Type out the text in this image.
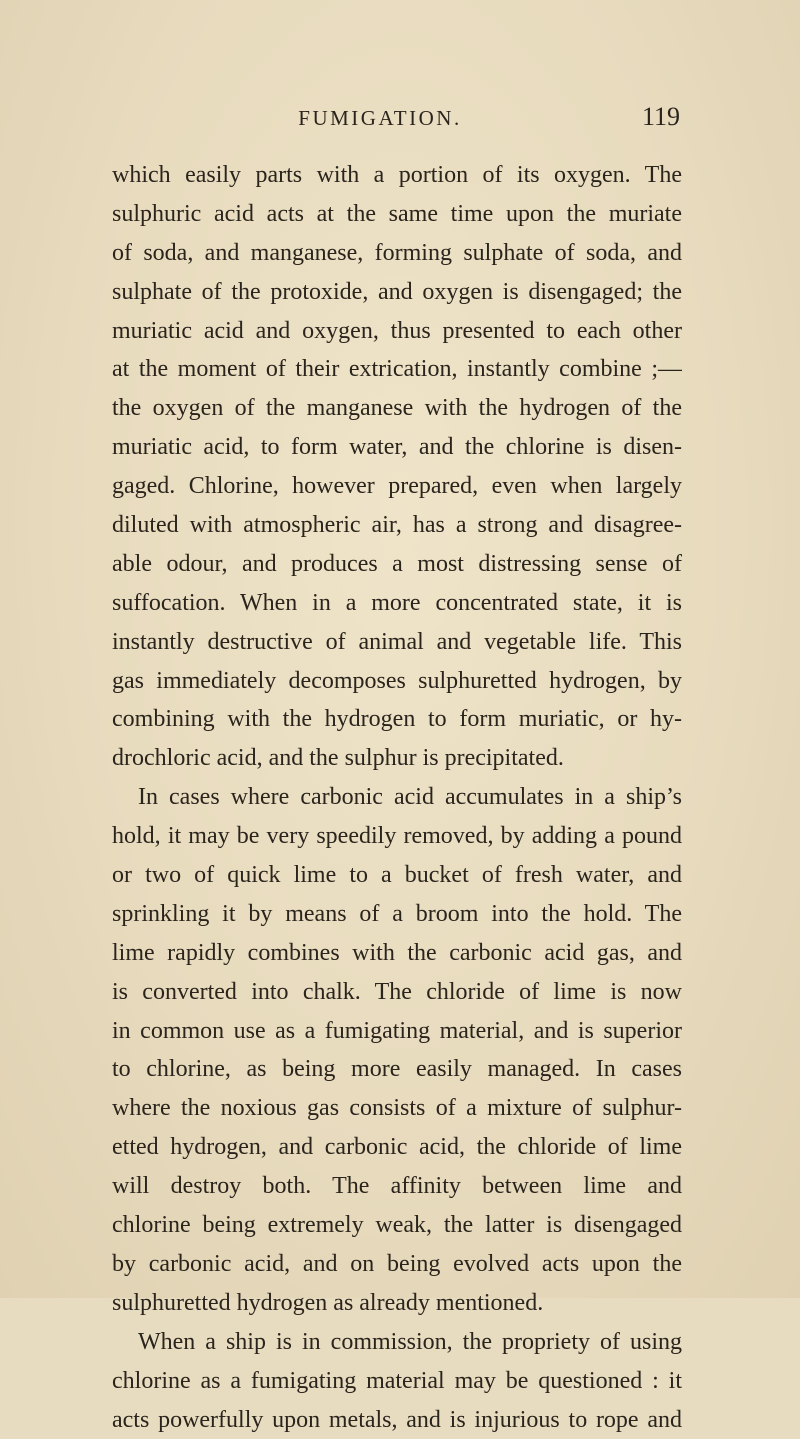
FUMIGATION.	119
which easily parts with a portion of its oxygen. The
sulphuric acid acts at the same time upon the muriate
of soda, and manganese, forming sulphate of soda, and
sulphate of the protoxide, and oxygen is disengaged; the
muriatic acid and oxygen, thus presented to each other
at the moment of their extrication, instantly combine ;—
the oxygen of the manganese with the hydrogen of the
muriatic acid, to form water, and the chlorine is disen-
gaged. Chlorine, however prepared, even when largely
diluted with atmospheric air, has a strong and disagree-
able odour, and produces a most distressing sense of
suffocation. When in a more concentrated state, it is
instantly destructive of animal and vegetable life. This
gas immediately decomposes sulphuretted hydrogen, by
combining with the hydrogen to form muriatic, or hy-
drochloric acid, and the sulphur is precipitated.
In cases where carbonic acid accumulates in a ship’s
hold, it may be very speedily removed, by adding a pound
or two of quick lime to a bucket of fresh water, and
sprinkling it by means of a broom into the hold. The
lime rapidly combines with the carbonic acid gas, and
is converted into chalk. The chloride of lime is now
in common use as a fumigating material, and is superior
to chlorine, as being more easily managed. In cases
where the noxious gas consists of a mixture of sulphur-
etted hydrogen, and carbonic acid, the chloride of lime
will destroy both. The affinity between lime and
chlorine being extremely weak, the latter is disengaged
by carbonic acid, and on being evolved acts upon the
sulphuretted hydrogen as already mentioned.
When a ship is in commission, the propriety of using
chlorine as a fumigating material may be questioned : it
acts powerfully upon metals, and is injurious to rope and
